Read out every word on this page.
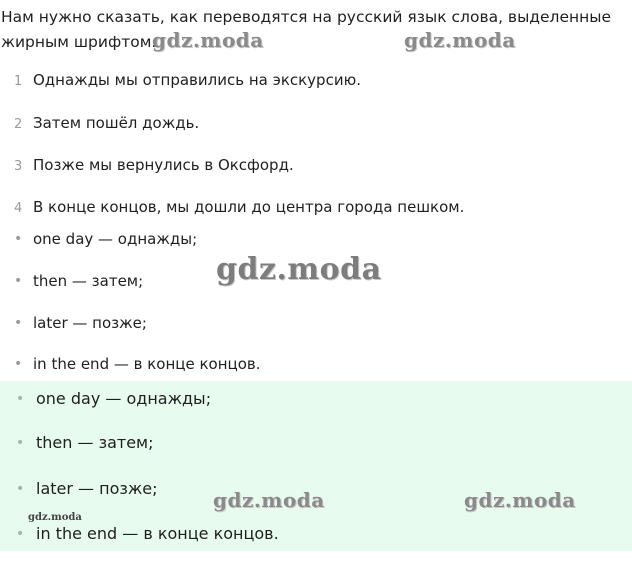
Нам нужно сказать, как переводятся на русский язык слова, выделенные жирным шрифтом.
1 Однажды мы отправились на экскурсию.
2 Затем пошёл дождь.
3 Позже мы вернулись в Оксфорд.
4 В конце концов, мы дошли до центра города пешком.
• one day — однажды;
• then — затем;
• later — позже;
• in the end — в конце концов.
• one day — однажды;
• then — затем;
• later — позже;
• in the end — в конце концов.
gdz.moda	gdz.moda
gdz.moda
gdz.moda	gdz.moda
gdz.moda
